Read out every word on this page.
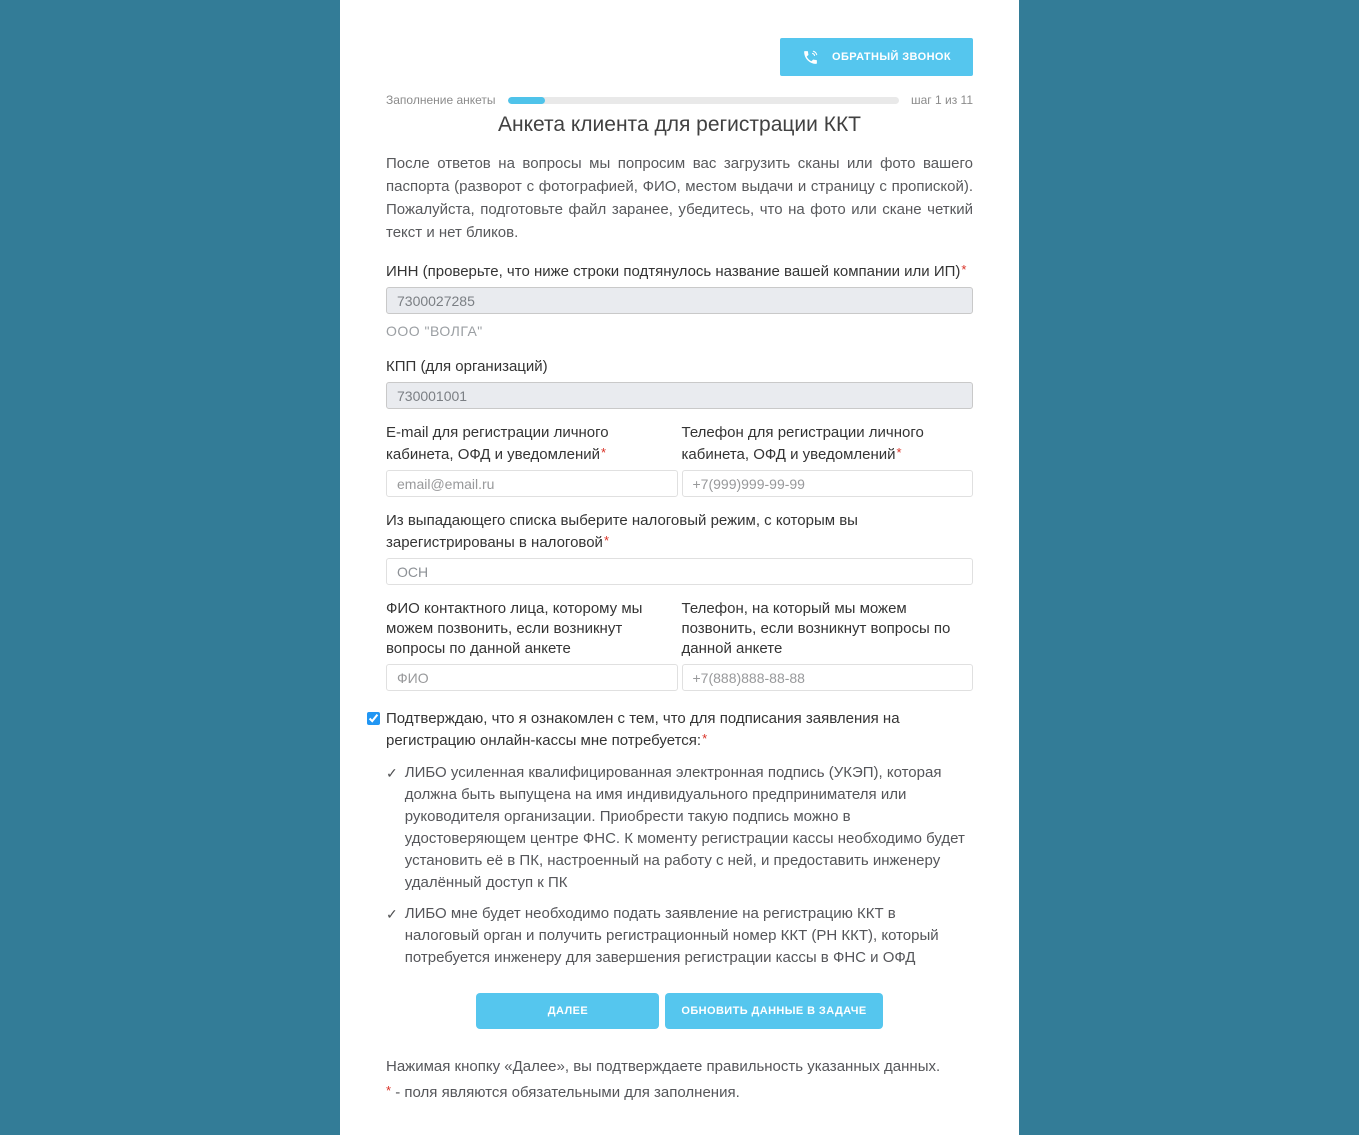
ОБРАТНЫЙ ЗВОНОК
Заполнение анкеты	шаг 1 из 11
Анкета клиента для регистрации ККТ

После ответов на вопросы мы попросим вас загрузить сканы или фото вашего паспорта (разворот с фотографией, ФИО, местом выдачи и страницу с пропиской). Пожалуйста, подготовьте файл заранее, убедитесь, что на фото или скане четкий текст и нет бликов.

ИНН (проверьте, что ниже строки подтянулось название вашей компании или ИП)*
7300027285
ООО "ВОЛГА"
КПП (для организаций)
730001001
E-mail для регистрации личного кабинета, ОФД и уведомлений*
email@email.ru
Телефон для регистрации личного кабинета, ОФД и уведомлений*
+7(999)999-99-99
Из выпадающего списка выберите налоговый режим, с которым вы зарегистрированы в налоговой*
ОСН
ФИО контактного лица, которому мы можем позвонить, если возникнут вопросы по данной анкете
ФИО
Телефон, на который мы можем позвонить, если возникнут вопросы по данной анкете
+7(888)888-88-88
Подтверждаю, что я ознакомлен с тем, что для подписания заявления на регистрацию онлайн-кассы мне потребуется:*
✓ ЛИБО усиленная квалифицированная электронная подпись (УКЭП), которая должна быть выпущена на имя индивидуального предпринимателя или руководителя организации. Приобрести такую подпись можно в удостоверяющем центре ФНС. К моменту регистрации кассы необходимо будет установить её в ПК, настроенный на работу с ней, и предоставить инженеру удалённый доступ к ПК
✓ ЛИБО мне будет необходимо подать заявление на регистрацию ККТ в налоговый орган и получить регистрационный номер ККТ (РН ККТ), который потребуется инженеру для завершения регистрации кассы в ФНС и ОФД
ДАЛЕЕ	ОБНОВИТЬ ДАННЫЕ В ЗАДАЧЕ
Нажимая кнопку «Далее», вы подтверждаете правильность указанных данных.
* - поля являются обязательными для заполнения.
